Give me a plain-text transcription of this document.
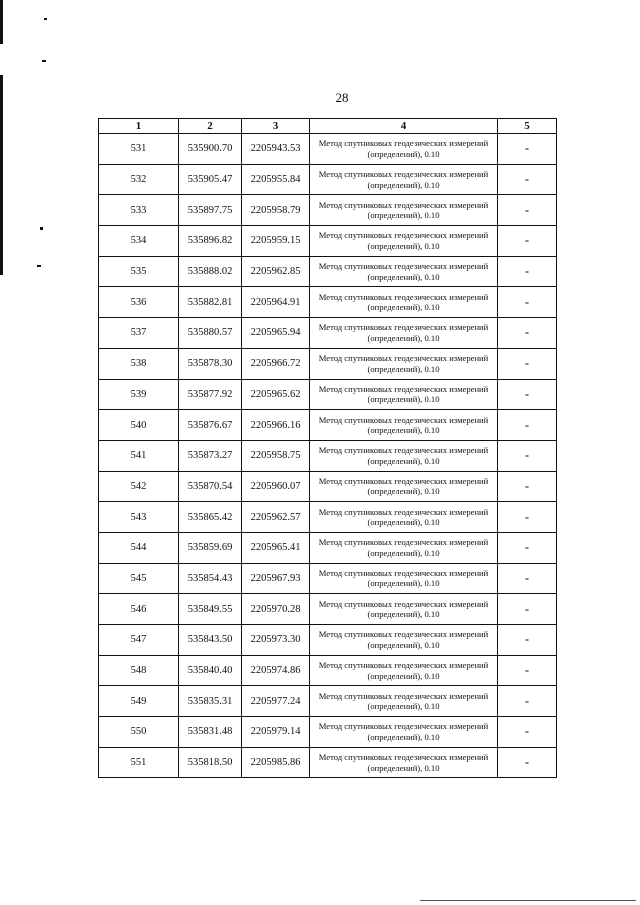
28
1	2	3	4	5
531	535900.70	2205943.53	Метод спутниковых геодезических измерений (определений), 0.10	-
532	535905.47	2205955.84	Метод спутниковых геодезических измерений (определений), 0.10	-
533	535897.75	2205958.79	Метод спутниковых геодезических измерений (определений), 0.10	-
534	535896.82	2205959.15	Метод спутниковых геодезических измерений (определений), 0.10	-
535	535888.02	2205962.85	Метод спутниковых геодезических измерений (определений), 0.10	-
536	535882.81	2205964.91	Метод спутниковых геодезических измерений (определений), 0.10	-
537	535880.57	2205965.94	Метод спутниковых геодезических измерений (определений), 0.10	-
538	535878.30	2205966.72	Метод спутниковых геодезических измерений (определений), 0.10	-
539	535877.92	2205965.62	Метод спутниковых геодезических измерений (определений), 0.10	-
540	535876.67	2205966.16	Метод спутниковых геодезических измерений (определений), 0.10	-
541	535873.27	2205958.75	Метод спутниковых геодезических измерений (определений), 0.10	-
542	535870.54	2205960.07	Метод спутниковых геодезических измерений (определений), 0.10	-
543	535865.42	2205962.57	Метод спутниковых геодезических измерений (определений), 0.10	-
544	535859.69	2205965.41	Метод спутниковых геодезических измерений (определений), 0.10	-
545	535854.43	2205967.93	Метод спутниковых геодезических измерений (определений), 0.10	-
546	535849.55	2205970.28	Метод спутниковых геодезических измерений (определений), 0.10	-
547	535843.50	2205973.30	Метод спутниковых геодезических измерений (определений), 0.10	-
548	535840.40	2205974.86	Метод спутниковых геодезических измерений (определений), 0.10	-
549	535835.31	2205977.24	Метод спутниковых геодезических измерений (определений), 0.10	-
550	535831.48	2205979.14	Метод спутниковых геодезических измерений (определений), 0.10	-
551	535818.50	2205985.86	Метод спутниковых геодезических измерений (определений), 0.10	-
